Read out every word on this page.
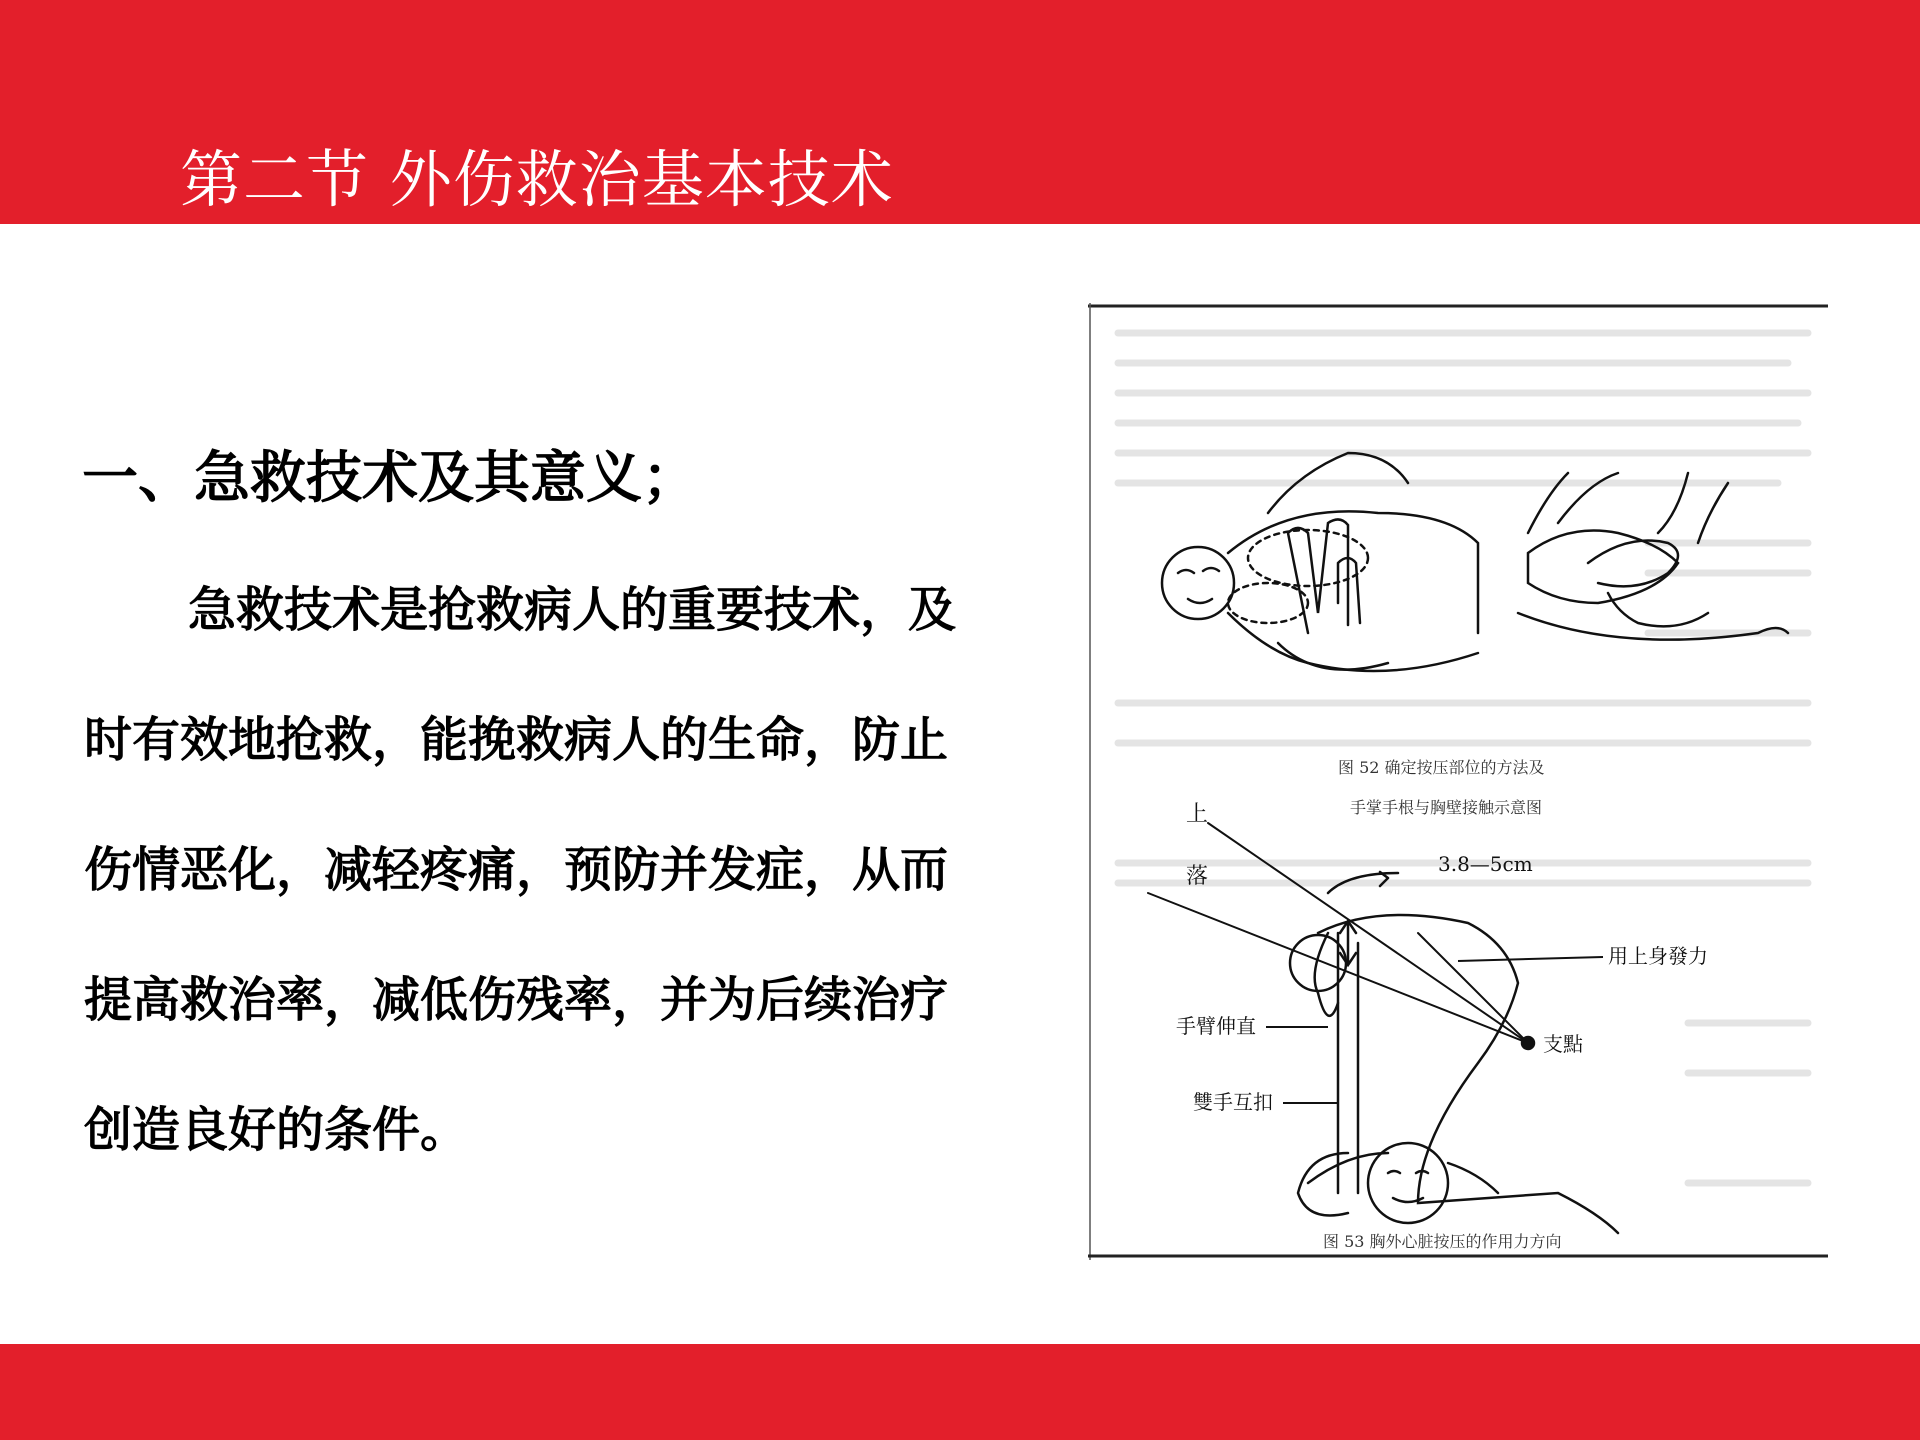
第二节 外伤救治基本技术
一、急救技术及其意义；
急救技术是抢救病人的重要技术，及
时有效地抢救，能挽救病人的生命，防止
伤情恶化，减轻疼痛，预防并发症，从而
提高救治率，减低伤残率，并为后续治疗
创造良好的条件。
图 52 确定按压部位的方法及
手掌手根与胸壁接触示意图
上
落	3.8—5cm
用上身發力
支點
手臂伸直
雙手互扣
图 53 胸外心脏按压的作用力方向
